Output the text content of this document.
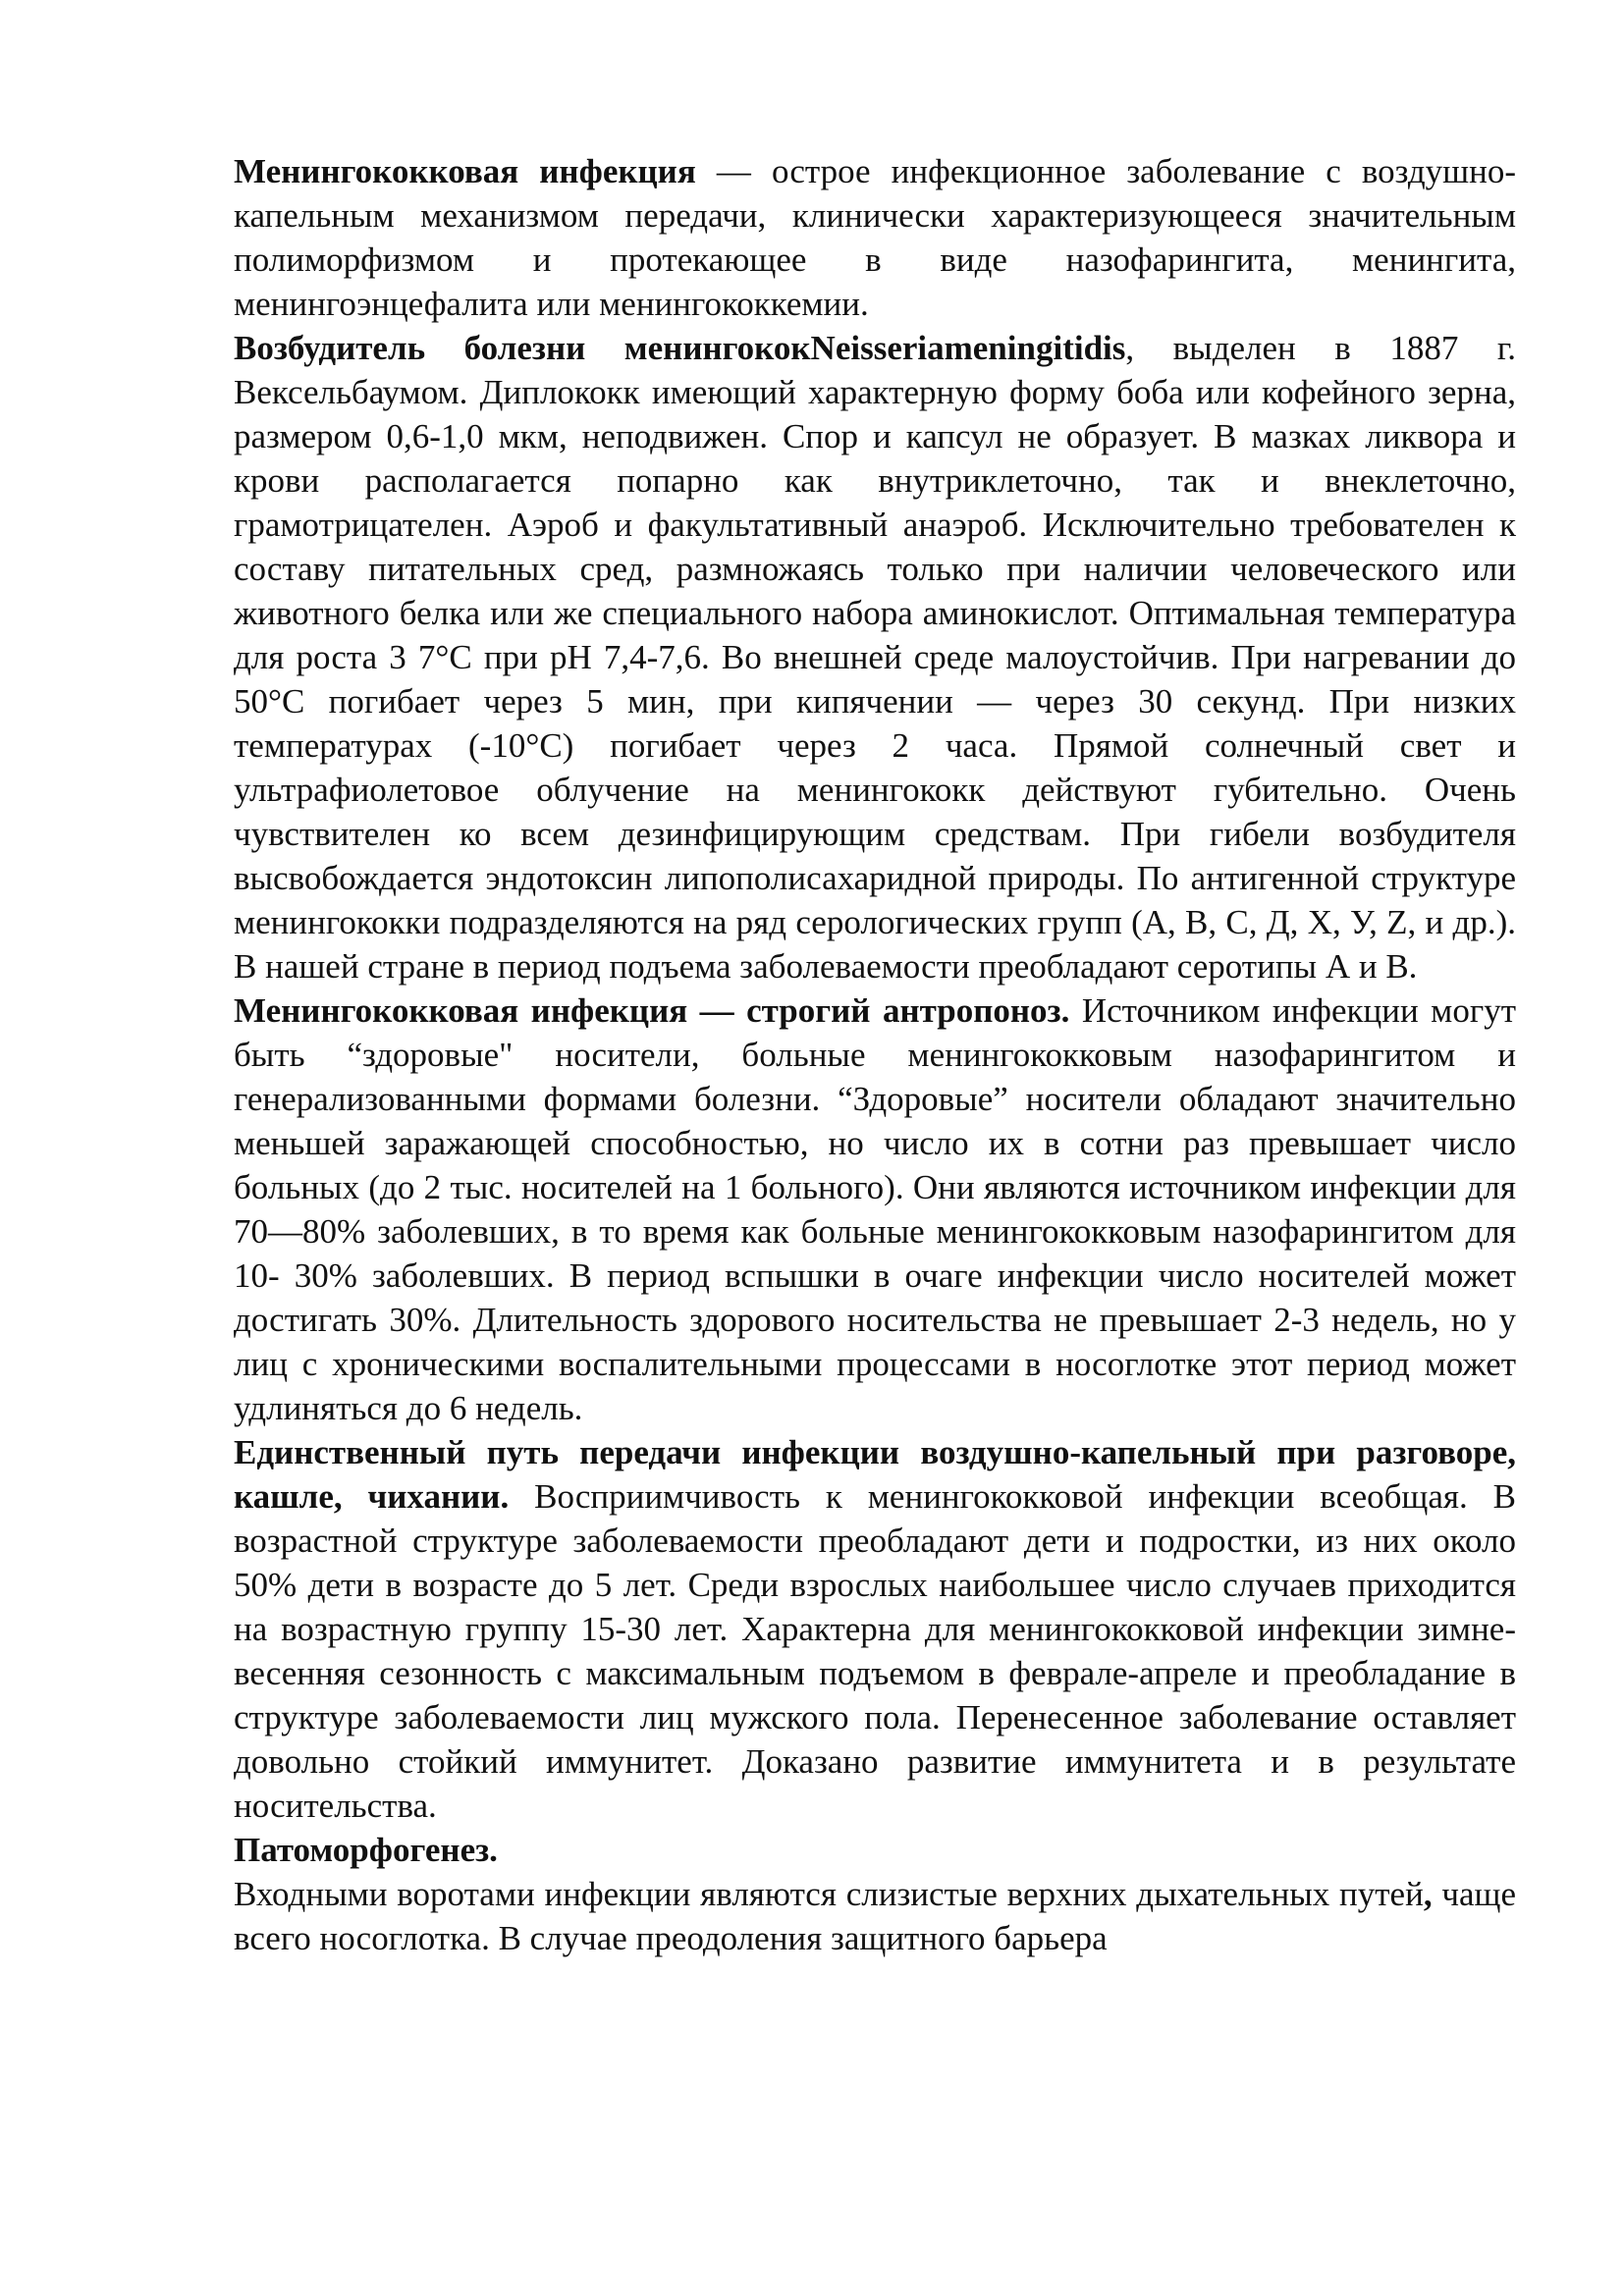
Менингококковая инфекция — острое инфекционное заболевание с воздушно-капельным механизмом передачи, клинически характеризующееся значительным полиморфизмом и протекающее в виде назофарингита, менингита, менингоэнцефалита или менингококкемии.

Возбудитель болезни менингококNeisseriameningitidis, выделен в 1887 г. Вексельбаумом. Диплококк имеющий характерную форму боба или кофейного зерна, размером 0,6-1,0 мкм, неподвижен. Спор и капсул не образует. В мазках ликвора и крови располагается попарно как внутриклеточно, так и внеклеточно, грамотрицателен. Аэроб и факультативный анаэроб. Исключительно требователен к составу питательных сред, размножаясь только при наличии человеческого или животного белка или же специального набора аминокислот. Оптимальная температура для роста 3 7°С при pH 7,4-7,6. Во внешней среде малоустойчив. При нагревании до 50°С погибает через 5 мин, при кипячении — через 30 секунд. При низких температурах (-10°С) погибает через 2 часа. Прямой солнечный свет и ультрафиолетовое облучение на менингококк действуют губительно. Очень чувствителен ко всем дезинфицирующим средствам. При гибели возбудителя высвобождается эндотоксин липополисахаридной природы. По антигенной структуре менингококки подразделяются на ряд серологических групп (А, В, С, Д, X, У, Z, и др.). В нашей стране в период подъема заболеваемости преобладают серотипы А и В.

Менингококковая инфекция — строгий антропоноз. Источником инфекции могут быть “здоровые" носители, больные менингококковым назофарингитом и генерализованными формами болезни. “Здоровые” носители обладают значительно меньшей заражающей способностью, но число их в сотни раз превышает число больных (до 2 тыс. носителей на 1 больного). Они являются источником инфекции для 70—80% заболевших, в то время как больные менингококковым назофарингитом для 10- 30% заболевших. В период вспышки в очаге инфекции число носителей может достигать 30%. Длительность здорового носительства не превышает 2-3 недель, но у лиц с хроническими воспалительными процессами в носоглотке этот период может удлиняться до 6 недель.

Единственный путь передачи инфекции воздушно-капельный при разговоре, кашле, чихании. Восприимчивость к менингококковой инфекции всеобщая. В возрастной структуре заболеваемости преобладают дети и подростки, из них около 50% дети в возрасте до 5 лет. Среди взрослых наибольшее число случаев приходится на возрастную группу 15-30 лет. Характерна для менингококковой инфекции зимне-весенняя сезонность с максимальным подъемом в феврале-апреле и преобладание в структуре заболеваемости лиц мужского пола. Перенесенное заболевание оставляет довольно стойкий иммунитет. Доказано развитие иммунитета и в результате носительства.

Патоморфогенез.

Входными воротами инфекции являются слизистые верхних дыхательных путей, чаще всего носоглотка. В случае преодоления защитного барьера
